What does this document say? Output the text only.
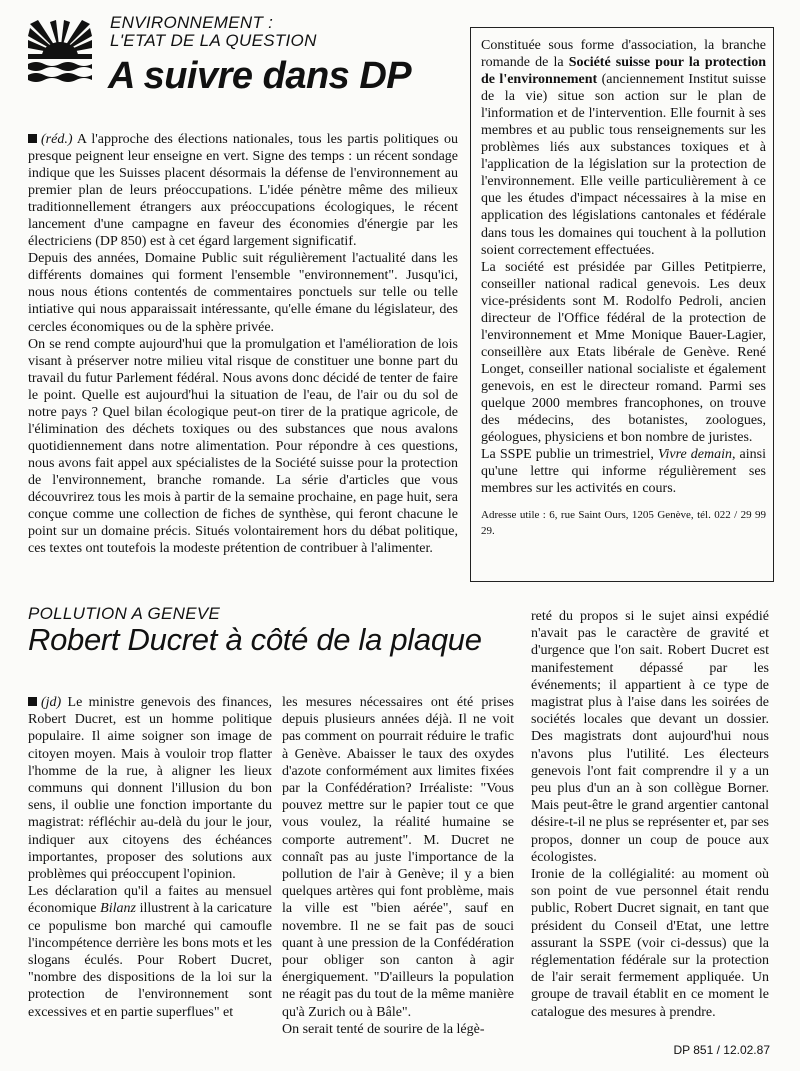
ENVIRONNEMENT :
L'ETAT DE LA QUESTION
A suivre dans DP

(réd.) A l'approche des élections nationales, tous les partis politiques ou presque peignent leur enseigne en vert. Signe des temps : un récent sondage indique que les Suisses placent désormais la défense de l'environnement au premier plan de leurs préoccupations. L'idée pénètre même des milieux traditionnellement étrangers aux préoccupations écologiques, le récent lancement d'une campagne en faveur des économies d'énergie par les électriciens (DP 850) est à cet égard largement significatif.

Depuis des années, Domaine Public suit régulièrement l'actualité dans les différents domaines qui forment l'ensemble "environnement". Jusqu'ici, nous nous étions contentés de commentaires ponctuels sur telle ou telle intiative qui nous apparaissait intéressante, qu'elle émane du législateur, des cercles économiques ou de la sphère privée.

On se rend compte aujourd'hui que la promulgation et l'amélioration de lois visant à préserver notre milieu vital risque de constituer une bonne part du travail du futur Parlement fédéral. Nous avons donc décidé de tenter de faire le point. Quelle est aujourd'hui la situation de l'eau, de l'air ou du sol de notre pays ? Quel bilan écologique peut-on tirer de la pratique agricole, de l'élimination des déchets toxiques ou des substances que nous avalons quotidiennement dans notre alimentation. Pour répondre à ces questions, nous avons fait appel aux spécialistes de la Société suisse pour la protection de l'environnement, branche romande. La série d'articles que vous découvrirez tous les mois à partir de la semaine prochaine, en page huit, sera conçue comme une collection de fiches de synthèse, qui feront chacune le point sur un domaine précis. Situés volontairement hors du débat politique, ces textes ont toutefois la modeste prétention de contribuer à l'alimenter.

Constituée sous forme d'association, la branche romande de la Société suisse pour la protection de l'environnement (anciennement Institut suisse de la vie) situe son action sur le plan de l'information et de l'intervention. Elle fournit à ses membres et au public tous renseignements sur les problèmes liés aux substances toxiques et à l'application de la législation sur la protection de l'environnement. Elle veille particulièrement à ce que les études d'impact nécessaires à la mise en application des législations cantonales et fédérale dans tous les domaines qui touchent à la pollution soient correctement effectuées.

La société est présidée par Gilles Petitpierre, conseiller national radical genevois. Les deux vice-présidents sont M. Rodolfo Pedroli, ancien directeur de l'Office fédéral de la protection de l'environnement et Mme Monique Bauer-Lagier, conseillère aux Etats libérale de Genève. René Longet, conseiller national socialiste et également genevois, en est le directeur romand. Parmi ses quelque 2000 membres francophones, on trouve des médecins, des botanistes, zoologues, géologues, physiciens et bon nombre de juristes.

La SSPE publie un trimestriel, Vivre demain, ainsi qu'une lettre qui informe régulièrement ses membres sur les activités en cours.

Adresse utile : 6, rue Saint Ours, 1205 Genève, tél. 022 / 29 99 29.

POLLUTION A GENEVE
Robert Ducret à côté de la plaque

(jd) Le ministre genevois des finances, Robert Ducret, est un homme politique populaire. Il aime soigner son image de citoyen moyen. Mais à vouloir trop flatter l'homme de la rue, à aligner les lieux communs qui donnent l'illusion du bon sens, il oublie une fonction importante du magistrat: réfléchir au-delà du jour le jour, indiquer aux citoyens des échéances importantes, proposer des solutions aux problèmes qui préoccupent l'opinion.

Les déclaration qu'il a faites au mensuel économique Bilanz illustrent à la caricature ce populisme bon marché qui camoufle l'incompétence derrière les bons mots et les slogans éculés. Pour Robert Ducret, "nombre des dispositions de la loi sur la protection de l'environnement sont excessives et en partie superflues" et

les mesures nécessaires ont été prises depuis plusieurs années déjà. Il ne voit pas comment on pourrait réduire le trafic à Genève. Abaisser le taux des oxydes d'azote conformément aux limites fixées par la Confédération? Irréaliste: "Vous pouvez mettre sur le papier tout ce que vous voulez, la réalité humaine se comporte autrement". M. Ducret ne connaît pas au juste l'importance de la pollution de l'air à Genève; il y a bien quelques artères qui font problème, mais la ville est "bien aérée", sauf en novembre. Il ne se fait pas de souci quant à une pression de la Confédération pour obliger son canton à agir énergiquement. "D'ailleurs la population ne réagit pas du tout de la même manière qu'à Zurich ou à Bâle".

On serait tenté de sourire de la légè-

reté du propos si le sujet ainsi expédié n'avait pas le caractère de gravité et d'urgence que l'on sait. Robert Ducret est manifestement dépassé par les événements; il appartient à ce type de magistrat plus à l'aise dans les soirées de sociétés locales que devant un dossier. Des magistrats dont aujourd'hui nous n'avons plus l'utilité. Les électeurs genevois l'ont fait comprendre il y a un peu plus d'un an à son collègue Borner. Mais peut-être le grand argentier cantonal désire-t-il ne plus se représenter et, par ses propos, donner un coup de pouce aux écologistes.

Ironie de la collégialité: au moment où son point de vue personnel était rendu public, Robert Ducret signait, en tant que président du Conseil d'Etat, une lettre assurant la SSPE (voir ci-dessus) que la réglementation fédérale sur la protection de l'air serait fermement appliquée. Un groupe de travail établit en ce moment le catalogue des mesures à prendre.

DP 851 / 12.02.87
